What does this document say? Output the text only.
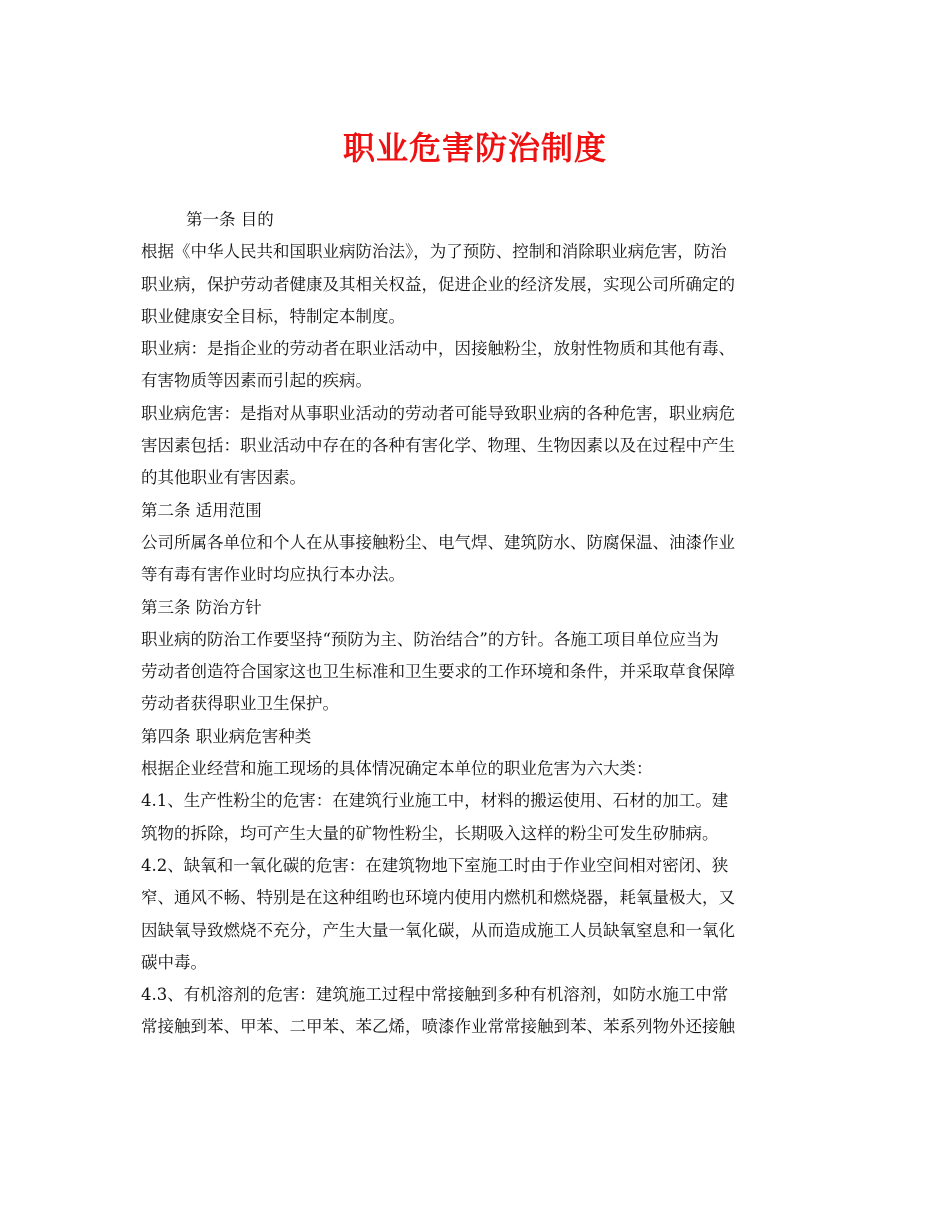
职业危害防治制度
第一条 目的
根据《中华人民共和国职业病防治法》，为了预防、控制和消除职业病危害，防治
职业病，保护劳动者健康及其相关权益，促进企业的经济发展，实现公司所确定的
职业健康安全目标，特制定本制度。
职业病：是指企业的劳动者在职业活动中，因接触粉尘，放射性物质和其他有毒、
有害物质等因素而引起的疾病。
职业病危害：是指对从事职业活动的劳动者可能导致职业病的各种危害，职业病危
害因素包括：职业活动中存在的各种有害化学、物理、生物因素以及在过程中产生
的其他职业有害因素。
第二条 适用范围
公司所属各单位和个人在从事接触粉尘、电气焊、建筑防水、防腐保温、油漆作业
等有毒有害作业时均应执行本办法。
第三条 防治方针
职业病的防治工作要坚持“预防为主、防治结合”的方针。各施工项目单位应当为
劳动者创造符合国家这也卫生标准和卫生要求的工作环境和条件，并采取草食保障
劳动者获得职业卫生保护。
第四条 职业病危害种类
根据企业经营和施工现场的具体情况确定本单位的职业危害为六大类：
4.1、生产性粉尘的危害：在建筑行业施工中，材料的搬运使用、石材的加工。建
筑物的拆除，均可产生大量的矿物性粉尘，长期吸入这样的粉尘可发生矽肺病。
4.2、缺氧和一氧化碳的危害：在建筑物地下室施工时由于作业空间相对密闭、狭
窄、通风不畅、特别是在这种组哟也环境内使用内燃机和燃烧器，耗氧量极大，又
因缺氧导致燃烧不充分，产生大量一氧化碳，从而造成施工人员缺氧窒息和一氧化
碳中毒。
4.3、有机溶剂的危害：建筑施工过程中常接触到多种有机溶剂，如防水施工中常
常接触到苯、甲苯、二甲苯、苯乙烯，喷漆作业常常接触到苯、苯系列物外还接触
